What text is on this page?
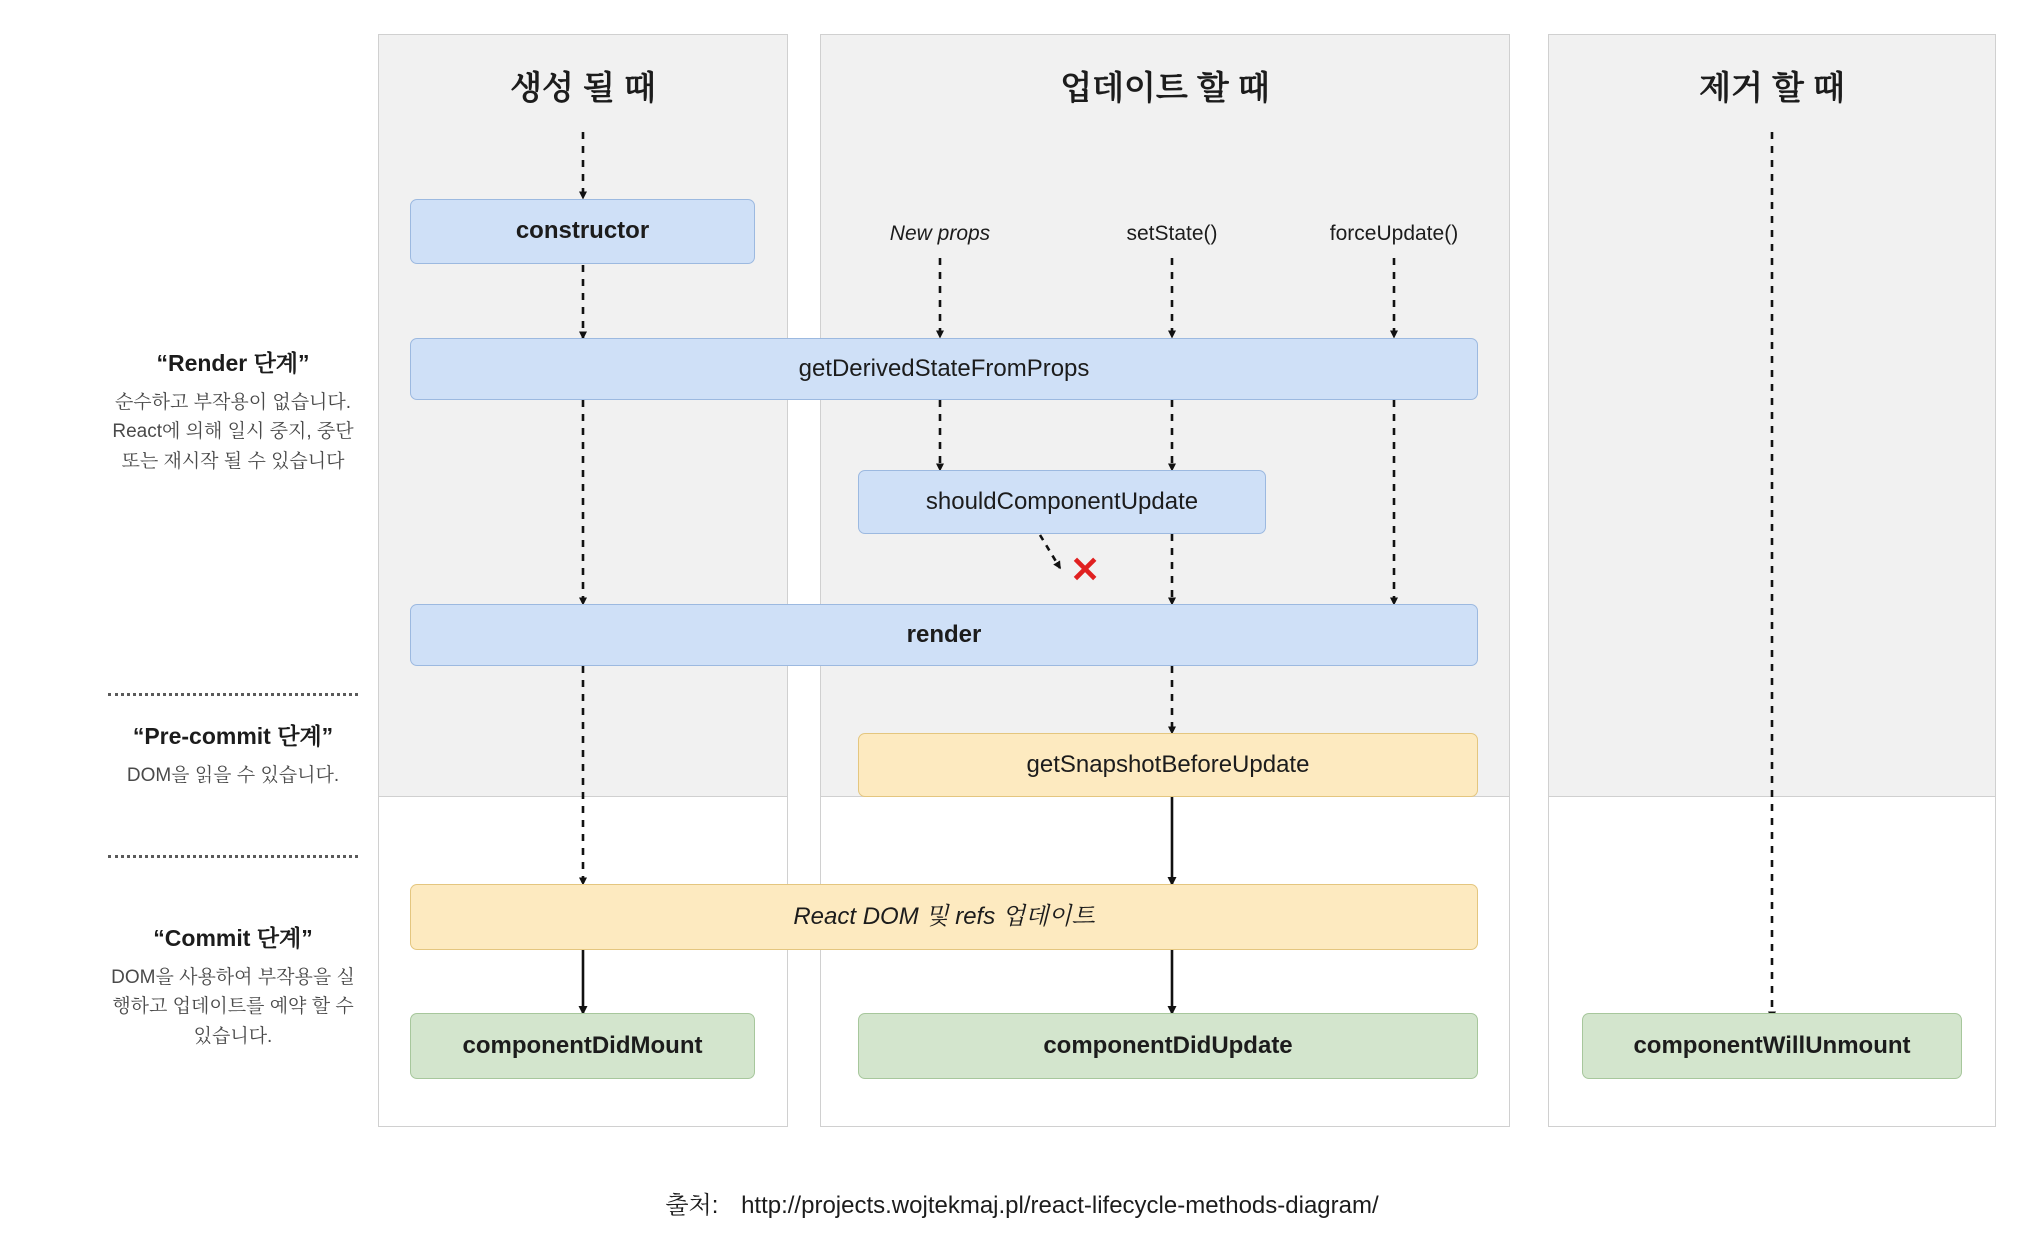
생성 될 때	업데이트 할 때	제거 할 때
✕
New props	setState()	forceUpdate()
constructor
getDerivedStateFromProps
shouldComponentUpdate
render
getSnapshotBeforeUpdate
React DOM 및 refs 업데이트
componentDidMount	componentDidUpdate	componentWillUnmount
“Render 단계”
순수하고 부작용이 없습니다. React에 의해 일시 중지, 중단 또는 재시작 될 수 있습니다
“Pre-commit 단계”
DOM을 읽을 수 있습니다.
“Commit 단계”
DOM을 사용하여 부작용을 실행하고 업데이트를 예약 할 수 있습니다.
출처: http://projects.wojtekmaj.pl/react-lifecycle-methods-diagram/
